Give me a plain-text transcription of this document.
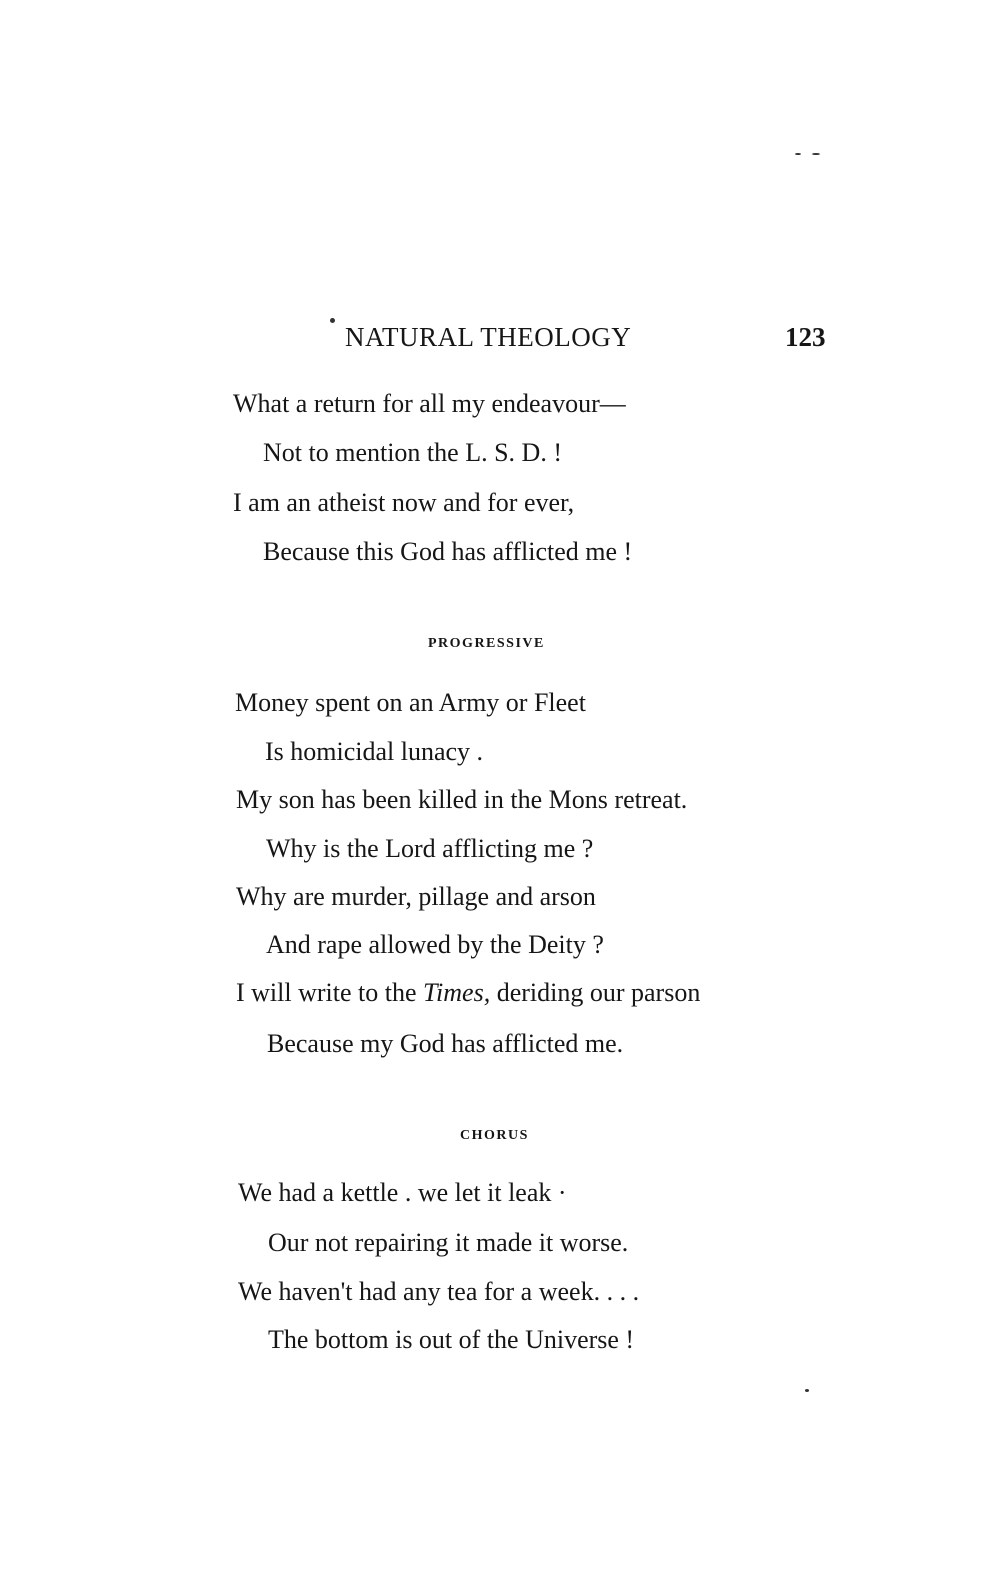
NATURAL THEOLOGY	123
What a return for all my endeavour—
Not to mention the L. S. D. !
I am an atheist now and for ever,
Because this God has afflicted me !
PROGRESSIVE
Money spent on an Army or Fleet
Is homicidal lunacy .
My son has been killed in the Mons retreat.
Why is the Lord afflicting me ?
Why are murder, pillage and arson
And rape allowed by the Deity ?
I will write to the Times, deriding our parson
Because my God has afflicted me.
CHORUS
We had a kettle . we let it leak ·
Our not repairing it made it worse.
We haven't had any tea for a week. . . .
The bottom is out of the Universe !
